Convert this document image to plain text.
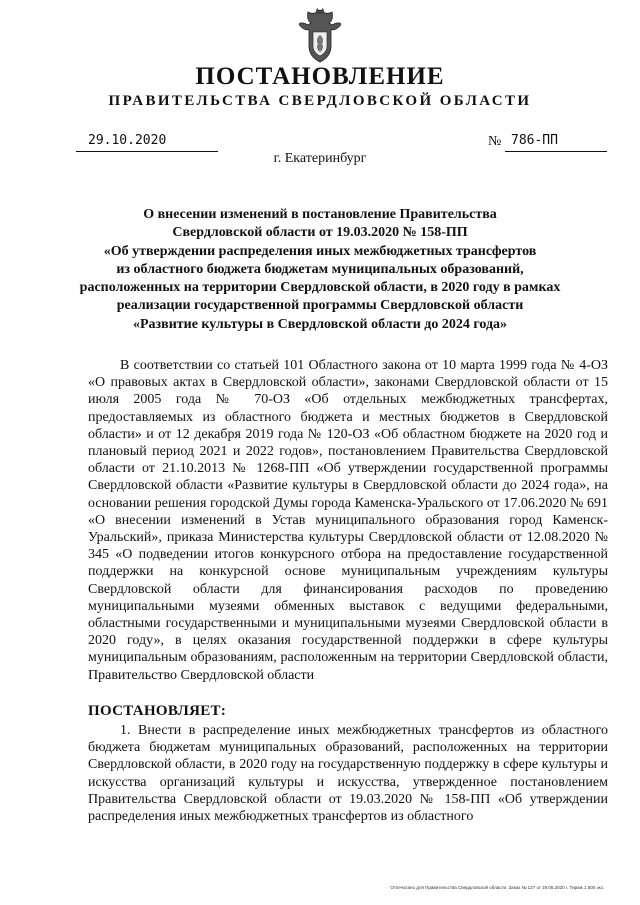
ПОСТАНОВЛЕНИЕ
ПРАВИТЕЛЬСТВА СВЕРДЛОВСКОЙ ОБЛАСТИ
29.10.2020	№ 786-ПП
г. Екатеринбург
О внесении изменений в постановление Правительства
Свердловской области от 19.03.2020 № 158-ПП
«Об утверждении распределения иных межбюджетных трансфертов
из областного бюджета бюджетам муниципальных образований,
расположенных на территории Свердловской области, в 2020 году в рамках
реализации государственной программы Свердловской области
«Развитие культуры в Свердловской области до 2024 года»

В соответствии со статьей 101 Областного закона от 10 марта 1999 года № 4-ОЗ «О правовых актах в Свердловской области», законами Свердловской области от 15 июля 2005 года № 70-ОЗ «Об отдельных межбюджетных трансфертах, предоставляемых из областного бюджета и местных бюджетов в Свердловской области» и от 12 декабря 2019 года № 120-ОЗ «Об областном бюджете на 2020 год и плановый период 2021 и 2022 годов», постановлением Правительства Свердловской области от 21.10.2013 № 1268-ПП «Об утверждении государственной программы Свердловской области «Развитие культуры в Свердловской области до 2024 года», на основании решения городской Думы города Каменска-Уральского от 17.06.2020 № 691 «О внесении изменений в Устав муниципального образования город Каменск-Уральский», приказа Министерства культуры Свердловской области от 12.08.2020 № 345 «О подведении итогов конкурсного отбора на предоставление государственной поддержки на конкурсной основе муниципальным учреждениям культуры Свердловской области для финансирования расходов по проведению муниципальными музеями обменных выставок с ведущими федеральными, областными государственными и муниципальными музеями Свердловской области в 2020 году», в целях оказания государственной поддержки в сфере культуры муниципальным образованиям, расположенным на территории Свердловской области, Правительство Свердловской области

ПОСТАНОВЛЯЕТ:

1. Внести в распределение иных межбюджетных трансфертов из областного бюджета бюджетам муниципальных образований, расположенных на территории Свердловской области, в 2020 году на государственную поддержку в сфере культуры и искусства организаций культуры и искусства, утвержденное постановлением Правительства Свердловской области от 19.03.2020 № 158-ПП «Об утверждении распределения иных межбюджетных трансфертов из областного

Отпечатано для Правительства Свердловской области. Заказ № 127 от 29.05.2020 г. Тираж 1 500 экз.
